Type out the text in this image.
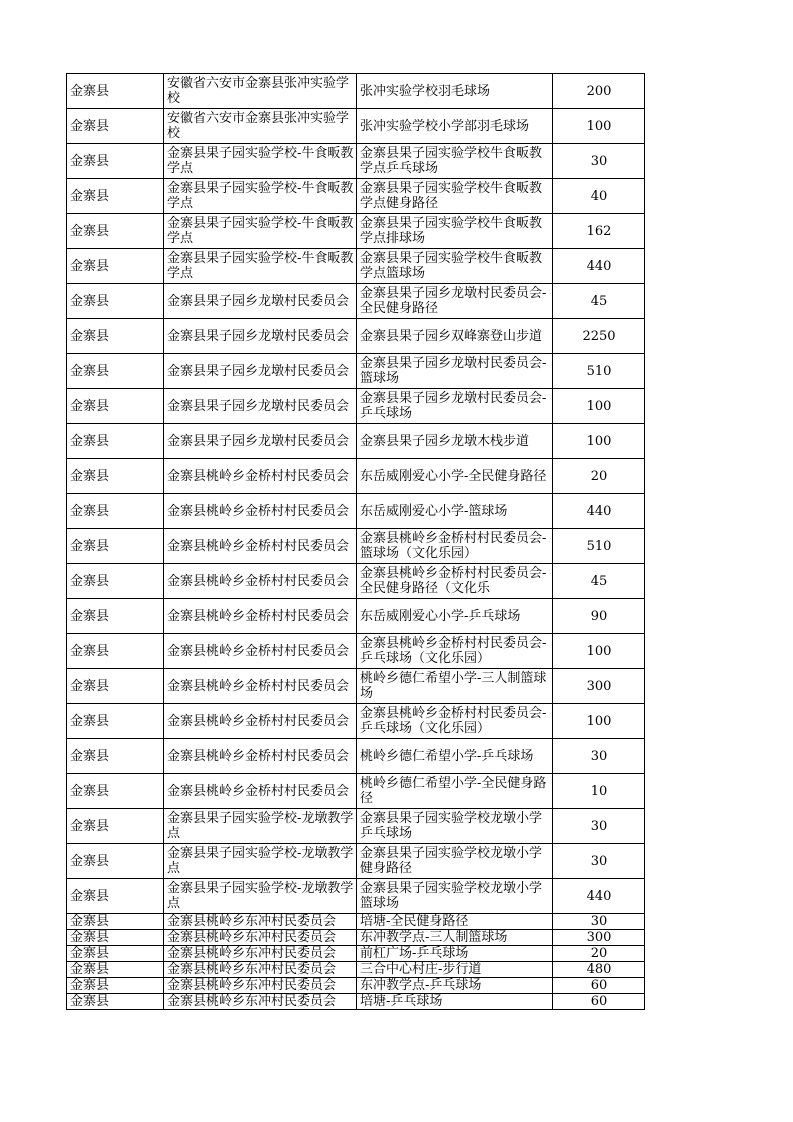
金寨县	安徽省六安市金寨县张冲实验学校	张冲实验学校羽毛球场	200
金寨县	安徽省六安市金寨县张冲实验学校	张冲实验学校小学部羽毛球场	100
金寨县	金寨县果子园实验学校-牛食畈教学点	金寨县果子园实验学校牛食畈教学点乒乓球场	30
金寨县	金寨县果子园实验学校-牛食畈教学点	金寨县果子园实验学校牛食畈教学点健身路径	40
金寨县	金寨县果子园实验学校-牛食畈教学点	金寨县果子园实验学校牛食畈教学点排球场	162
金寨县	金寨县果子园实验学校-牛食畈教学点	金寨县果子园实验学校牛食畈教学点篮球场	440
金寨县	金寨县果子园乡龙墩村民委员会	金寨县果子园乡龙墩村民委员会-全民健身路径	45
金寨县	金寨县果子园乡龙墩村民委员会	金寨县果子园乡双峰寨登山步道	2250
金寨县	金寨县果子园乡龙墩村民委员会	金寨县果子园乡龙墩村民委员会-篮球场	510
金寨县	金寨县果子园乡龙墩村民委员会	金寨县果子园乡龙墩村民委员会-乒乓球场	100
金寨县	金寨县果子园乡龙墩村民委员会	金寨县果子园乡龙墩木栈步道	100
金寨县	金寨县桃岭乡金桥村村民委员会	东岳威刚爱心小学-全民健身路径	20
金寨县	金寨县桃岭乡金桥村村民委员会	东岳威刚爱心小学-篮球场	440
金寨县	金寨县桃岭乡金桥村村民委员会	金寨县桃岭乡金桥村村民委员会-篮球场（文化乐园）	510
金寨县	金寨县桃岭乡金桥村村民委员会	金寨县桃岭乡金桥村村民委员会-全民健身路径（文化乐	45
金寨县	金寨县桃岭乡金桥村村民委员会	东岳威刚爱心小学-乒乓球场	90
金寨县	金寨县桃岭乡金桥村村民委员会	金寨县桃岭乡金桥村村民委员会-乒乓球场（文化乐园）	100
金寨县	金寨县桃岭乡金桥村村民委员会	桃岭乡德仁希望小学-三人制篮球场	300
金寨县	金寨县桃岭乡金桥村村民委员会	金寨县桃岭乡金桥村村民委员会-乒乓球场（文化乐园）	100
金寨县	金寨县桃岭乡金桥村村民委员会	桃岭乡德仁希望小学-乒乓球场	30
金寨县	金寨县桃岭乡金桥村村民委员会	桃岭乡德仁希望小学-全民健身路径	10
金寨县	金寨县果子园实验学校-龙墩教学点	金寨县果子园实验学校龙墩小学乒乓球场	30
金寨县	金寨县果子园实验学校-龙墩教学点	金寨县果子园实验学校龙墩小学健身路径	30
金寨县	金寨县果子园实验学校-龙墩教学点	金寨县果子园实验学校龙墩小学篮球场	440
金寨县	金寨县桃岭乡东冲村民委员会	培塘-全民健身路径	30
金寨县	金寨县桃岭乡东冲村民委员会	东冲教学点-三人制篮球场	300
金寨县	金寨县桃岭乡东冲村民委员会	前杠广场-乒乓球场	20
金寨县	金寨县桃岭乡东冲村民委员会	三合中心村庄-步行道	480
金寨县	金寨县桃岭乡东冲村民委员会	东冲教学点-乒乓球场	60
金寨县	金寨县桃岭乡东冲村民委员会	培塘-乒乓球场	60
